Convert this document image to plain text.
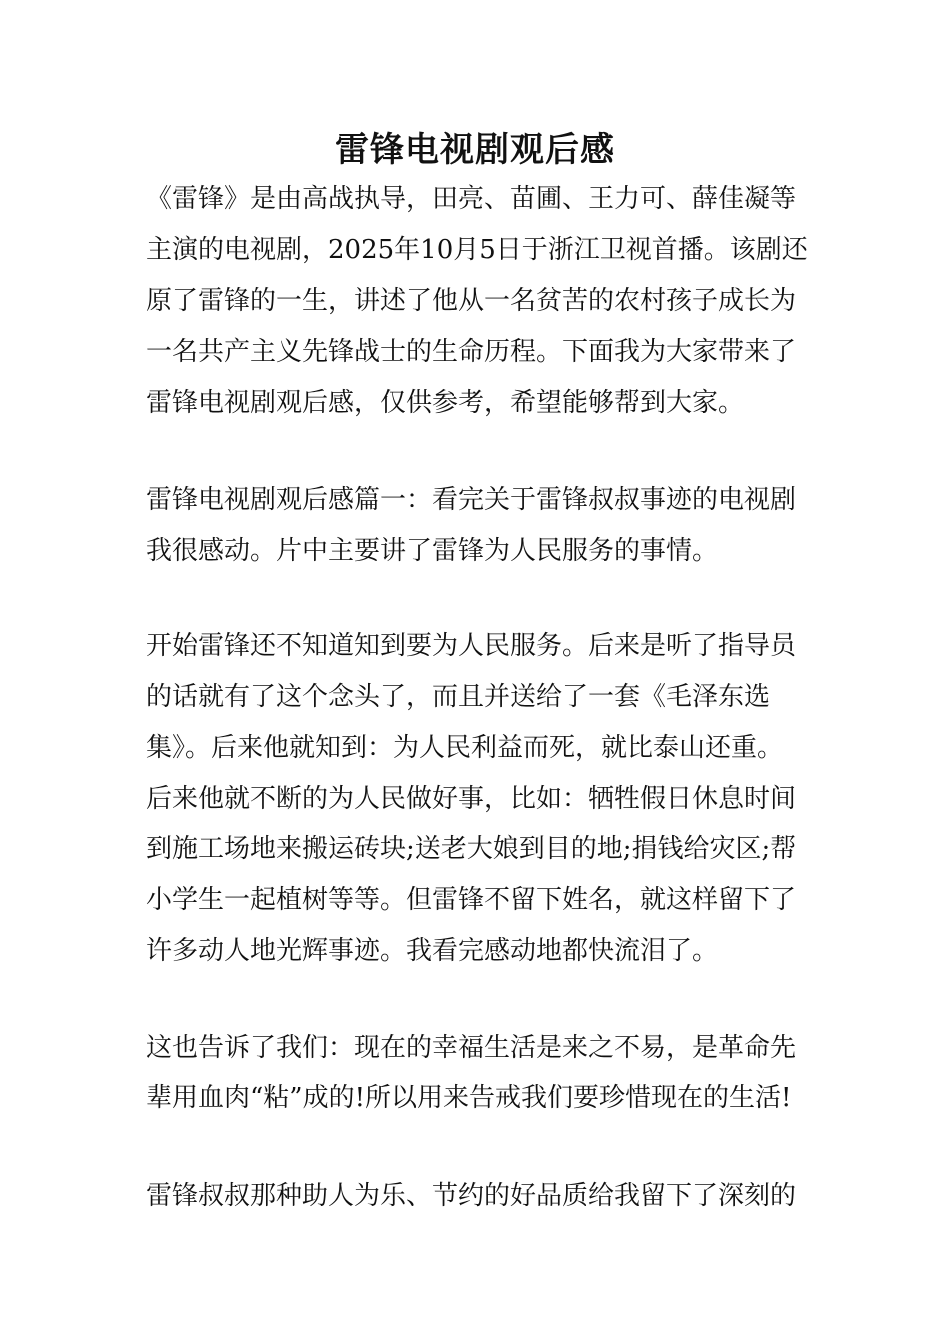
雷锋电视剧观后感
《雷锋》是由高战执导，田亮、苗圃、王力可、薛佳凝等
主演的电视剧，2025年10月5日于浙江卫视首播。该剧还
原了雷锋的一生，讲述了他从一名贫苦的农村孩子成长为
一名共产主义先锋战士的生命历程。下面我为大家带来了
雷锋电视剧观后感，仅供参考，希望能够帮到大家。
雷锋电视剧观后感篇一：看完关于雷锋叔叔事迹的电视剧
我很感动。片中主要讲了雷锋为人民服务的事情。
开始雷锋还不知道知到要为人民服务。后来是听了指导员
的话就有了这个念头了，而且并送给了一套《毛泽东选
集》。后来他就知到：为人民利益而死，就比泰山还重。
后来他就不断的为人民做好事，比如：牺牲假日休息时间
到施工场地来搬运砖块;送老大娘到目的地;捐钱给灾区;帮
小学生一起植树等等。但雷锋不留下姓名，就这样留下了
许多动人地光辉事迹。我看完感动地都快流泪了。
这也告诉了我们：现在的幸福生活是来之不易，是革命先
辈用血肉“粘”成的!所以用来告戒我们要珍惜现在的生活!
雷锋叔叔那种助人为乐、节约的好品质给我留下了深刻的
